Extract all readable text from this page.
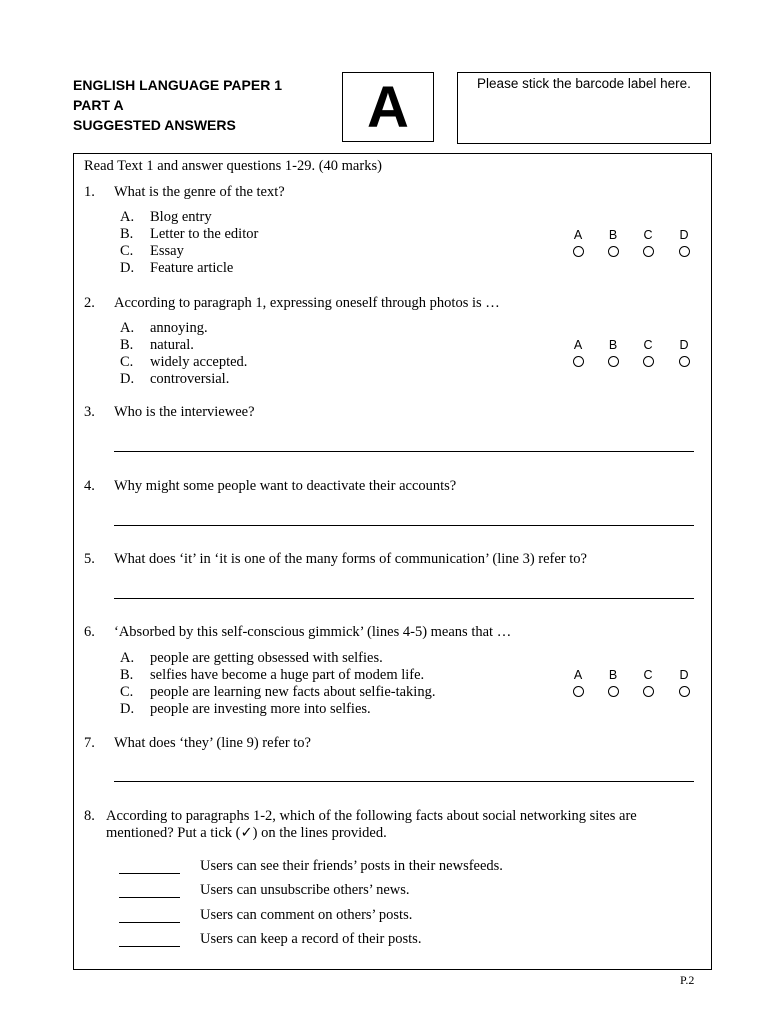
ENGLISH LANGUAGE PAPER 1
PART A
SUGGESTED ANSWERS	A	Please stick the barcode label here.
Read Text 1 and answer questions 1-29. (40 marks)
1. What is the genre of the text?
A. Blog entry
B. Letter to the editor
C. Essay
D. Feature article
A B C D
2. According to paragraph 1, expressing oneself through photos is …
A. annoying.
B. natural.
C. widely accepted.
D. controversial.
A B C D
3. Who is the interviewee?
4. Why might some people want to deactivate their accounts?
5. What does ‘it’ in ‘it is one of the many forms of communication’ (line 3) refer to?
6. ‘Absorbed by this self-conscious gimmick’ (lines 4-5) means that …
A. people are getting obsessed with selfies.
B. selfies have become a huge part of modem life.
C. people are learning new facts about selfie-taking.
D. people are investing more into selfies.
A B C D
7. What does ‘they’ (line 9) refer to?
8. According to paragraphs 1-2, which of the following facts about social networking sites are
mentioned? Put a tick (✓) on the lines provided.
Users can see their friends’ posts in their newsfeeds.
Users can unsubscribe others’ news.
Users can comment on others’ posts.
Users can keep a record of their posts.
P.2
